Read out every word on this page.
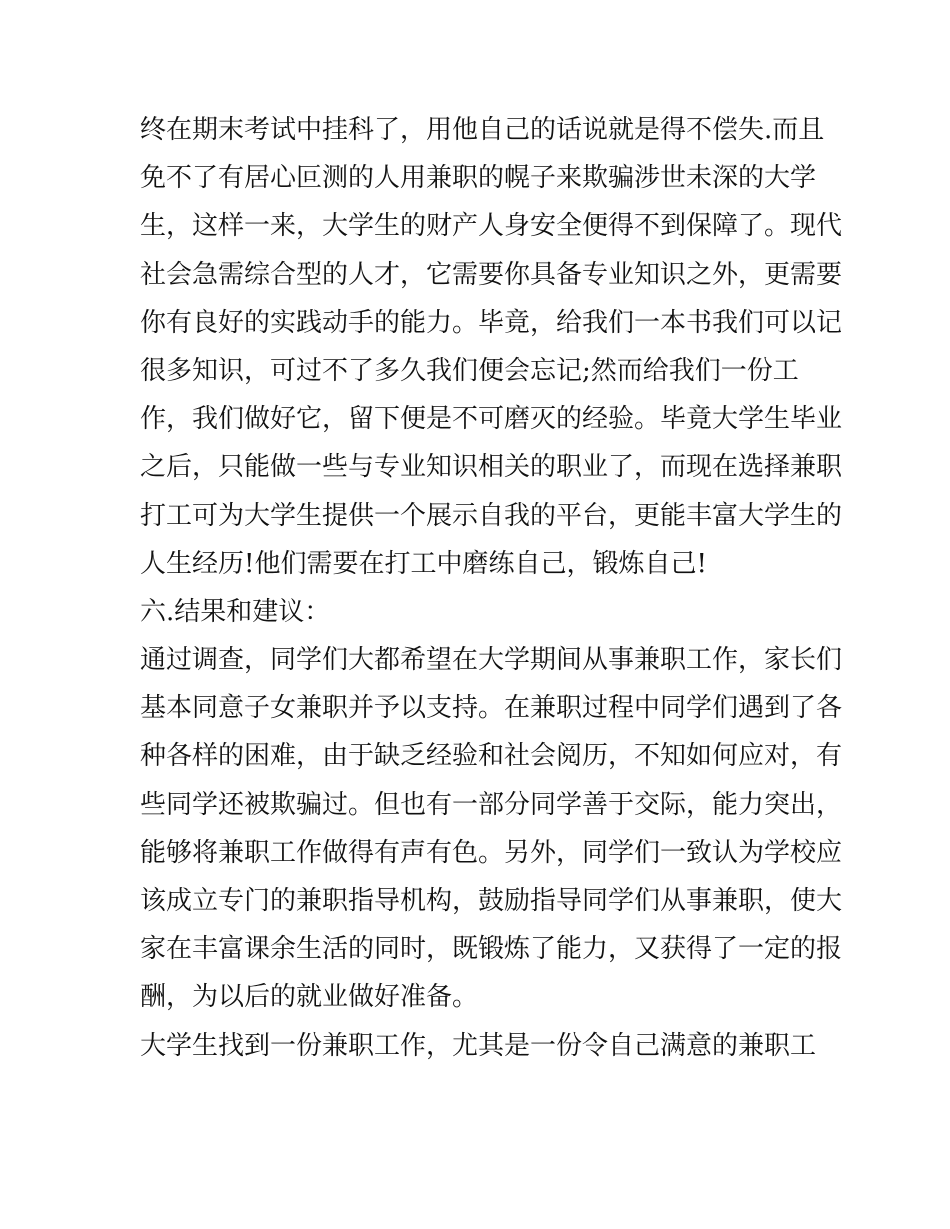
终在期末考试中挂科了，用他自己的话说就是得不偿失.而且
免不了有居心叵测的人用兼职的幌子来欺骗涉世未深的大学
生，这样一来，大学生的财产人身安全便得不到保障了。现代
社会急需综合型的人才，它需要你具备专业知识之外，更需要
你有良好的实践动手的能力。毕竟，给我们一本书我们可以记
很多知识，可过不了多久我们便会忘记;然而给我们一份工
作，我们做好它，留下便是不可磨灭的经验。毕竟大学生毕业
之后，只能做一些与专业知识相关的职业了，而现在选择兼职
打工可为大学生提供一个展示自我的平台，更能丰富大学生的
人生经历!他们需要在打工中磨练自己，锻炼自己!
六.结果和建议：
通过调查，同学们大都希望在大学期间从事兼职工作，家长们
基本同意子女兼职并予以支持。在兼职过程中同学们遇到了各
种各样的困难，由于缺乏经验和社会阅历，不知如何应对，有
些同学还被欺骗过。但也有一部分同学善于交际，能力突出，
能够将兼职工作做得有声有色。另外，同学们一致认为学校应
该成立专门的兼职指导机构，鼓励指导同学们从事兼职，使大
家在丰富课余生活的同时，既锻炼了能力，又获得了一定的报
酬，为以后的就业做好准备。
大学生找到一份兼职工作，尤其是一份令自己满意的兼职工
